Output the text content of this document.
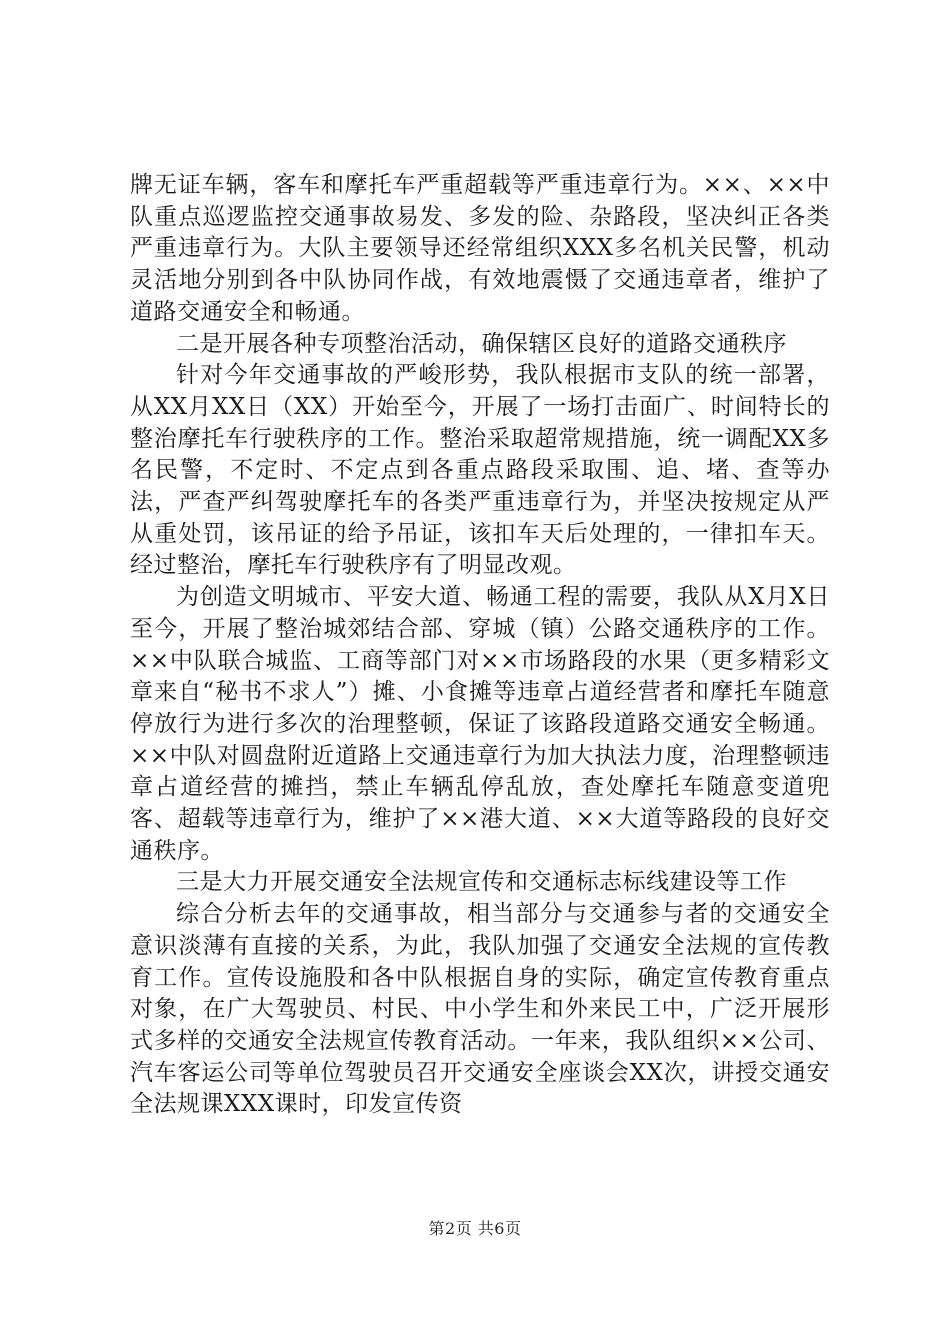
牌无证车辆，客车和摩托车严重超载等严重违章行为。××、××中队重点巡逻监控交通事故易发、多发的险、杂路段，坚决纠正各类严重违章行为。大队主要领导还经常组织XXX多名机关民警，机动灵活地分别到各中队协同作战，有效地震慑了交通违章者，维护了道路交通安全和畅通。

二是开展各种专项整治活动，确保辖区良好的道路交通秩序

针对今年交通事故的严峻形势，我队根据市支队的统一部署，从XX月XX日（XX）开始至今，开展了一场打击面广、时间特长的整治摩托车行驶秩序的工作。整治采取超常规措施，统一调配XX多名民警，不定时、不定点到各重点路段采取围、追、堵、查等办法，严查严纠驾驶摩托车的各类严重违章行为，并坚决按规定从严从重处罚，该吊证的给予吊证，该扣车天后处理的，一律扣车天。经过整治，摩托车行驶秩序有了明显改观。

为创造文明城市、平安大道、畅通工程的需要，我队从X月X日至今，开展了整治城郊结合部、穿城（镇）公路交通秩序的工作。××中队联合城监、工商等部门对××市场路段的水果（更多精彩文章来自“秘书不求人”）摊、小食摊等违章占道经营者和摩托车随意停放行为进行多次的治理整顿，保证了该路段道路交通安全畅通。××中队对圆盘附近道路上交通违章行为加大执法力度，治理整顿违章占道经营的摊挡，禁止车辆乱停乱放，查处摩托车随意变道兜客、超载等违章行为，维护了××港大道、××大道等路段的良好交通秩序。

三是大力开展交通安全法规宣传和交通标志标线建设等工作

综合分析去年的交通事故，相当部分与交通参与者的交通安全意识淡薄有直接的关系，为此，我队加强了交通安全法规的宣传教育工作。宣传设施股和各中队根据自身的实际，确定宣传教育重点对象，在广大驾驶员、村民、中小学生和外来民工中，广泛开展形式多样的交通安全法规宣传教育活动。一年来，我队组织××公司、汽车客运公司等单位驾驶员召开交通安全座谈会XX次，讲授交通安全法规课XXX课时，印发宣传资

第2页 共6页
